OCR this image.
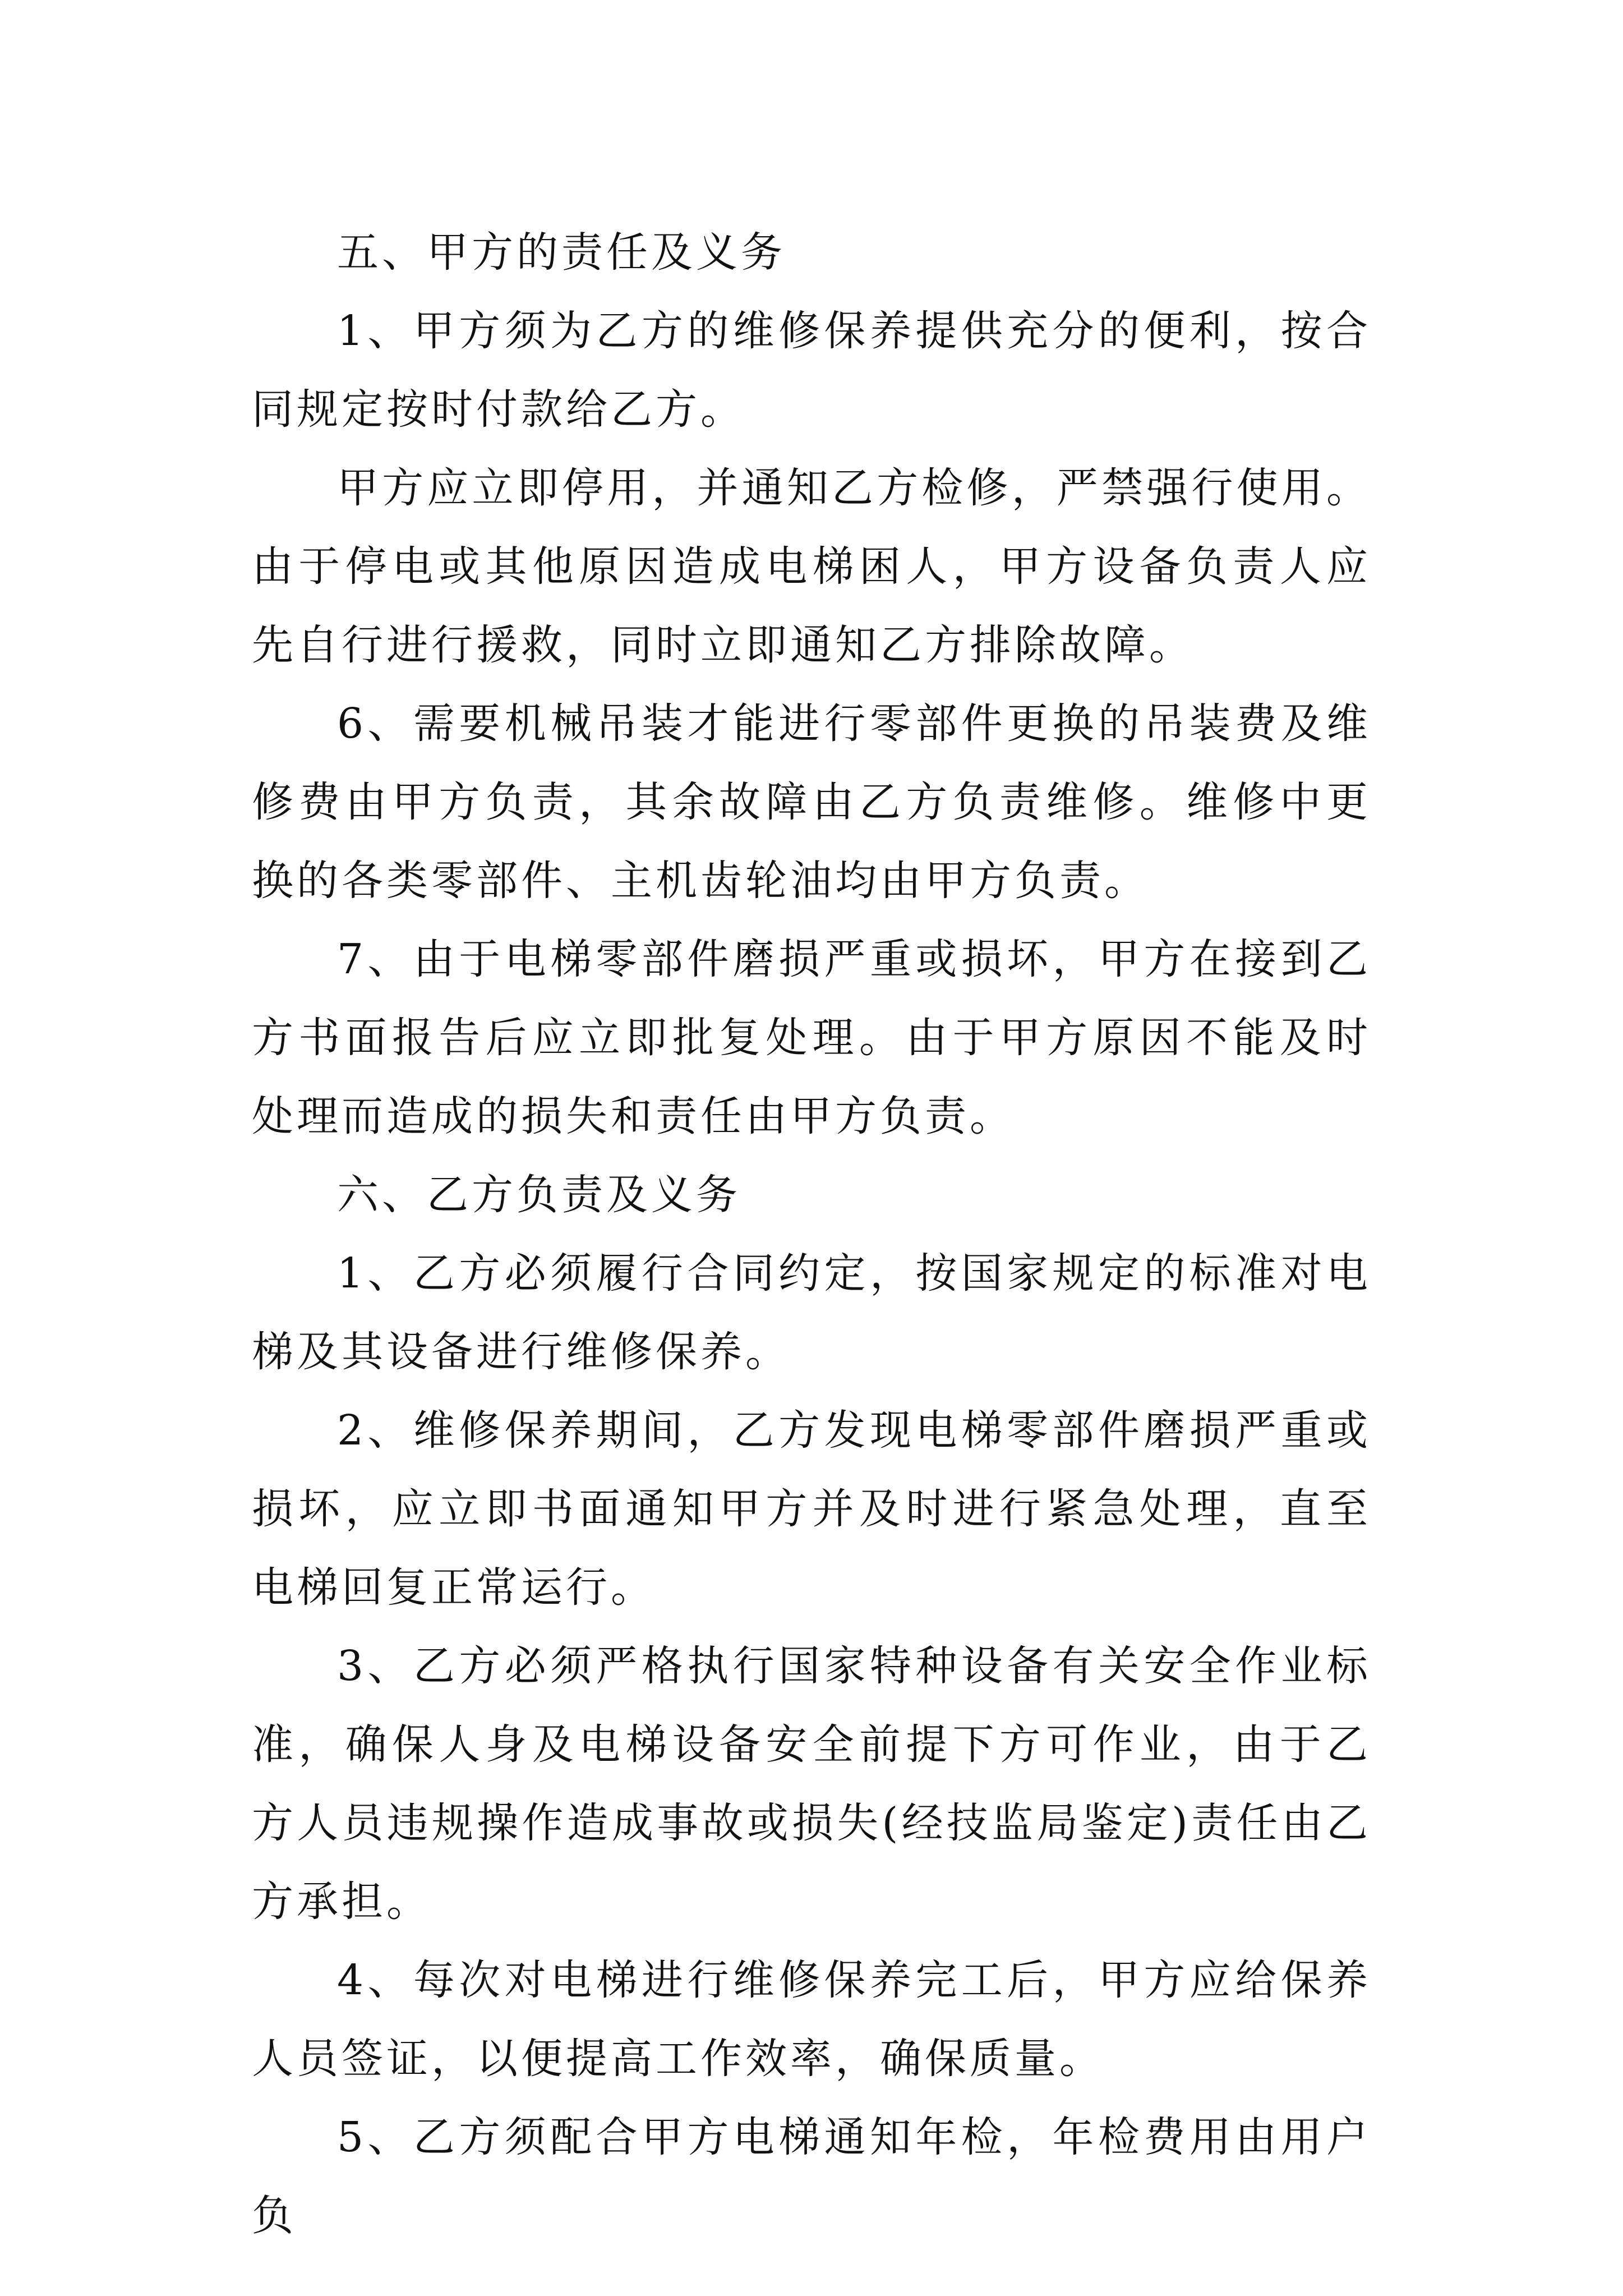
五、甲方的责任及义务

1、甲方须为乙方的维修保养提供充分的便利，按合同规定按时付款给乙方。

甲方应立即停用，并通知乙方检修，严禁强行使用。由于停电或其他原因造成电梯困人，甲方设备负责人应先自行进行援救，同时立即通知乙方排除故障。

6、需要机械吊装才能进行零部件更换的吊装费及维修费由甲方负责，其余故障由乙方负责维修。维修中更换的各类零部件、主机齿轮油均由甲方负责。

7、由于电梯零部件磨损严重或损坏，甲方在接到乙方书面报告后应立即批复处理。由于甲方原因不能及时处理而造成的损失和责任由甲方负责。

六、乙方负责及义务

1、乙方必须履行合同约定，按国家规定的标准对电梯及其设备进行维修保养。

2、维修保养期间，乙方发现电梯零部件磨损严重或损坏，应立即书面通知甲方并及时进行紧急处理，直至电梯回复正常运行。

3、乙方必须严格执行国家特种设备有关安全作业标准，确保人身及电梯设备安全前提下方可作业，由于乙方人员违规操作造成事故或损失(经技监局鉴定)责任由乙方承担。

4、每次对电梯进行维修保养完工后，甲方应给保养人员签证，以便提高工作效率，确保质量。

5、乙方须配合甲方电梯通知年检，年检费用由用户负
